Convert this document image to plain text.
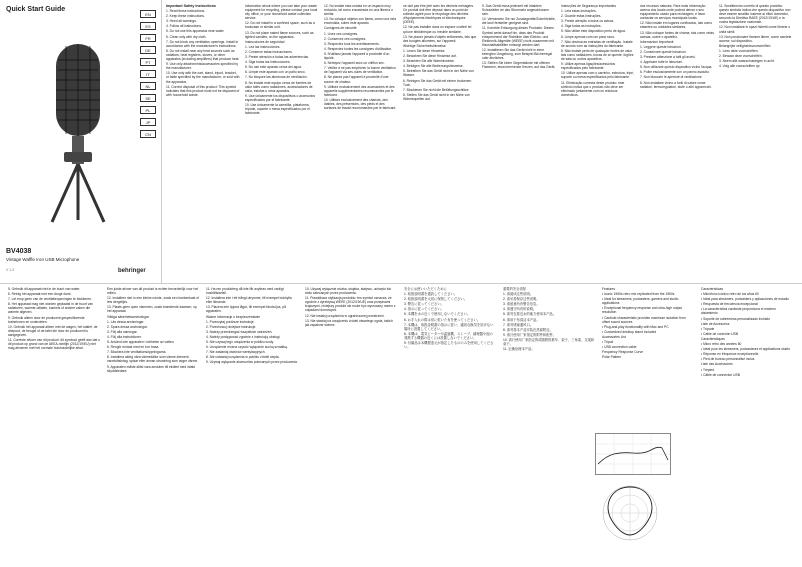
Quick Start Guide
EN
ES
FR
DE
PT
IT
NL
SE
PL
JP
CN
BV4038
Vintage Waffle Iron USB Microphone
V 1.0	behringer
Important Safety Instructions

1. Read these instructions.

2. Keep these instructions.

3. Heed all warnings.

4. Follow all instructions.

5. Do not use this apparatus near water.

6. Clean only with dry cloth.

7. Do not block any ventilation openings. Install in accordance with the manufacturer's instructions.

8. Do not install near any heat sources such as radiators, heat registers, stoves, or other apparatus (including amplifiers) that produce heat.

9. Use only attachments/accessories specified by the manufacturer.

10. Use only with the cart, stand, tripod, bracket, or table specified by the manufacturer, or sold with the apparatus.

11. Correct disposal of this product: This symbol indicates that this product must not be disposed of with household waste.

information about where you can take your waste equipment for recycling, please contact your local city office, or your household waste collection service.

12. Do not install in a confined space, such as a bookcase or similar unit.

13. Do not place naked flame sources, such as lighted candles, on the apparatus.

Instrucciones de seguridad

1. Lea las instrucciones.

2. Conserve estas instrucciones.

3. Preste atención a todas las advertencias.

4. Siga todas las instrucciones.

5. No use este aparato cerca del agua.

6. Limpie este aparato con un paño seco.

7. No bloquee las aberturas de ventilación.

8. No instale este equipo cerca de fuentes de calor tales como radiadores, acumuladores de calor, estufas u otros aparatos.

9. Use únicamente los dispositivos o accesorios especificados por el fabricante.

10. Use únicamente la carretilla, plataforma, trípode, soporte o mesa especificados por el fabricante.

12. No instale esta unidad en un espacio muy reducido, tal como encastrada en una librería o similar.

13. No coloque objetos con llama, como una vela encendida, sobre este aparato.

Consignes de sécurité

1. Lisez ces consignes.

2. Conservez ces consignes.

3. Respectez tous les avertissements.

4. Respectez toutes les consignes d'utilisation.

5. N'utilisez jamais l'appareil à proximité d'un liquide.

6. Nettoyez l'appareil avec un chiffon sec.

7. Veillez à ne pas empêcher la bonne ventilation de l'appareil via ses ouïes de ventilation.

8. Ne placez pas l'appareil à proximité d'une source de chaleur.

9. Utilisez exclusivement des accessoires et des appareils supplémentaires recommandés par le fabricant.

10. Utilisez exclusivement des chariots, des diables, des présentoirs, des pieds et des surfaces de travail recommandés par le fabricant.

ne doit pas être jeté avec les déchets ménagers. Ce produit doit être déposé dans un point de collecte agréé pour le recyclage des déchets d'équipements électriques et électroniques (DEEE).

12. Ne pas installer dans un espace confiné tel qu'une bibliothèque ou meuble similaire.

13. Ne placez jamais d'objets enflammés, tels que des bougies allumées, sur l'appareil.

Wichtige Sicherheitshinweise

1. Lesen Sie diese Hinweise.

2. Bewahren Sie diese Hinweise auf.

3. Beachten Sie alle Warnhinweise.

4. Befolgen Sie alle Bedienungshinweise.

5. Betreiben Sie das Gerät nicht in der Nähe von Wasser.

6. Reinigen Sie das Gerät mit einem trockenen Tuch.

7. Blockieren Sie nicht die Belüftungsschlitze.

8. Stellen Sie das Gerät nicht in der Nähe von Wärmequellen auf.

9. Das Gerät muss jederzeit mit intaktem Schutzleiter an das Stromnetz angeschlossen sein.

10. Verwenden Sie nur Zusatzgeräte/Zubehörteile, die laut Hersteller geeignet sind.

11. Korrekte Entsorgung dieses Produkts: Dieses Symbol weist darauf hin, dass das Produkt entsprechend der Richtlinie über Elektro- und Elektronik-Altgeräte (WEEE) nicht zusammen mit Haushaltsabfällen entsorgt werden darf.

12. Installieren Sie das Gerät nicht in einer beengten Umgebung, zum Beispiel Bücherregal oder ähnliches.

13. Stellen Sie keine Gegenstände mit offenen Flammen, etwa brennende Kerzen, auf das Gerät.

Instruções de Segurança Importantes

1. Leia estas instruções.

2. Guarde estas instruções.

3. Preste atenção a todos os avisos.

4. Siga todas as instruções.

5. Não utilize este dispositivo perto de água.

6. Limpe apenas com um pano seco.

7. Não obstrua as entradas de ventilação. Instale de acordo com as instruções do fabricante.

8. Não instale perto de quaisquer fontes de calor tais como radiadores, bocas de ar quente, fogões de sala ou outros aparelhos.

9. Utilize apenas ligações/acessórios especificados pelo fabricante.

10. Utilize apenas com o carrinho, estrutura, tripé, suporte ou mesa especificados pelo fabricante.

11. Eliminação correcta deste produto: este símbolo indica que o produto não deve ser eliminado juntamente com os resíduos domésticos.

dos recursos naturais. Para mais informação acerca dos locais onde poderá deixar o seu equipamento usado para reciclagem, é favor contactar os serviços municipais locais.

12. Não instale em lugares confinados, tais como estantes ou unidades similares.

13. Não coloque fontes de chama, tais como velas acesas, sobre o aparelho.

Informazioni importanti

1. Leggere queste istruzioni.

2. Conservare queste istruzioni.

3. Prestare attenzione a tutti gli avvisi.

4. Applicare tutte le istruzioni.

5. Non utilizzare questo dispositivo vicino l'acqua.

6. Pulire esclusivamente con un panno asciutto.

7. Non bloccare le aperture di ventilazione.

8. Non installare vicino a fonti di calore come radiatori, termoregolatori, stufe o altri apparecchi.

11. Smaltimento corretto di questo prodotto: questo simbolo indica che questo dispositivo non deve essere smaltito insieme ai rifiuti domestici, secondo la Direttiva RAEE (2012/19/UE) e la vostra legislazione nazionale.

12. Non installare in spazi ristretti come librerie o unità simili.

13. Non posizionare fiamme libere, come candele accese, sul dispositivo.

Belangrijke veiligheidsvoorschriften

1. Lees deze voorschriften.

2. Bewaar deze voorschriften.

3. Neem alle waarschuwingen in acht.

4. Volg alle voorschriften op.

5. Gebruik dit apparaat niet in de buurt van water.

6. Reinig het apparaat met een droge doek.

7. Let erop geen van de ventilatieopeningen te blokkeren.

8. Het apparaat mag niet worden geplaatst in de buurt van radiatoren, warmte-uitlaten, kachels of andere zaken die warmte afgeven.

9. Gebruik alleen door de producent gespecificeerde toebehoren en onderdelen.

10. Gebruik het apparaat alleen met de wagen, het statief, de driepoot, de beugel of de tafel die door de producent is aangegeven.

11. Correcte afvoer van dit product: dit symbool geeft aan dat u dit product op grond van de AEEA-richtlijn (2012/19/EU) niet mag afvoeren met het normale huishoudelijke afval.

Een juiste afvoer van dit product is echter bevorderlijk voor het milieu.

12. Installeer niet in een kleine ruimte, zoals een boekenkast of iets dergelijks.

13. Plaats geen open vlammen, zoals brandende kaarsen, op het apparaat.

Viktiga säkerhetsanvisningar

1. Läs dessa anvisningar.

2. Spara dessa anvisningar.

3. Följ alla varningar.

4. Följ alla instruktioner.

5. Använd inte apparaten i närheten av vatten.

6. Rengör endast med en torr trasa.

7. Blockera inte ventilationsöppningarna.

8. Installera aldrig nära värmekällor som värme-element, varmluftsintag, spisar eller annan utrustning som avger värme.

9. Apparaten måste alltid vara ansluten till elnätet med intakt skyddsledare.

11. Ha ren produktreg då inte får avyttras med vanligt hushållsavfall.

12. Installera inte i ett trångt utrymme, till exempel bokhylla eller liknande.

13. Placera inte öppna lågor, till exempel tända ljus, på apparaten.

Ważne informacje o bezpieczeństwie

1. Przeczytaj poniższe instrukcje.

2. Przechowuj niniejsze instrukcje.

3. Należy przestrzegać wszystkich ostrzeżeń.

4. Należy postępować zgodnie z instrukcją obsługi.

5. Nie używaj tego urządzenia w pobliżu wody.

6. Urządzenie można czyścić wyłącznie suchą szmatką.

7. Nie zasłaniaj otworów wentylacyjnych.

8. Nie ustawiaj urządzenia w pobliżu źródeł ciepła.

9. Używaj wyłącznie akcesoriów polecanych przez producenta.

10. Używaj wyłącznie wózka, stojaka, statywu, uchwytu lub stołu zalecanych przez producenta.

11. Prawidłowa utylizacja produktu: ten symbol oznacza, że zgodnie z dyrektywą WEEE (2012/19/UE) oraz przepisami krajowymi, niniejszy produkt nie może być wyrzucany razem z odpadami domowymi.

12. Nie instaluj urządzenia w ograniczonej przestrzeni.

13. Nie stawiaj na urządzeniu źródeł otwartego ognia, takich jak zapalone świece.

安全にお使いいただくために

1. 取扱説明書を通読してください。

2. 取扱説明書を大切に保管してください。

3. 警告に従ってください。

4. 指示に従ってください。

5. 本機を水の近くで使用しないでください。

6. お手入れの際は常に乾いた布を使ってください。

7. 本機は、取扱説明書の指示に従い、適切な換気を妨げない場所に設置してください。

8. 本機は、電気ヒーターや温風機、ストーブ、調理器や他の発熱する機器の近くには設置しないでください。

9. 付属品は本機製造元が指定したもののみを使用してください。

重要的安全须知

1. 请阅读这些说明。

2. 请妥善保存这些说明。

3. 请留意所有警告信息。

4. 请遵守所有的说明。

5. 请勿在靠近水的地方使用本产品。

6. 请用干布清洁本产品。

7. 请勿堵塞通风口。

8. 请勿将本产品安装在热源附近。

9. 请只使用厂家指定的附件和配件。

10. 请只使用厂家指定的或随附的推车、架子、三角架、支架和桌子。

11. 正确处理本产品。

Features

• Iconic 1960s retro mic replicated from the 1960s

• Ideal for streamers, podcasters, gamers and studio applications

• Exceptional frequency response and ultra-high output resolution

• Cardioid characteristic provides maximum isolation from offset sound sources

• Plug-and-play functionality with Mac and PC

• Customized desktop stand included

Accessories List

• Tripod

• USB connection cable

Frequency Response Curve

Polar Pattern

Características

• Micrófono icónico retro de los años 60

• Ideal para streamers, podcasters y aplicaciones de estudio

• Respuesta de frecuencia excepcional

• La característica cardioide proporciona el máximo aislamiento

• Soporte de sobremesa personalizado incluido

Liste de Accesorios

• Trípode

• Cable de conexión USB

Caractéristiques

• Micro rétro des années 60

• Idéal pour les streamers, podcasteurs et applications studio

• Réponse en fréquence exceptionnelle

• Pied de bureau personnalisé inclus

Liste des Accessoires

• Trépied

• Câble de connexion USB
